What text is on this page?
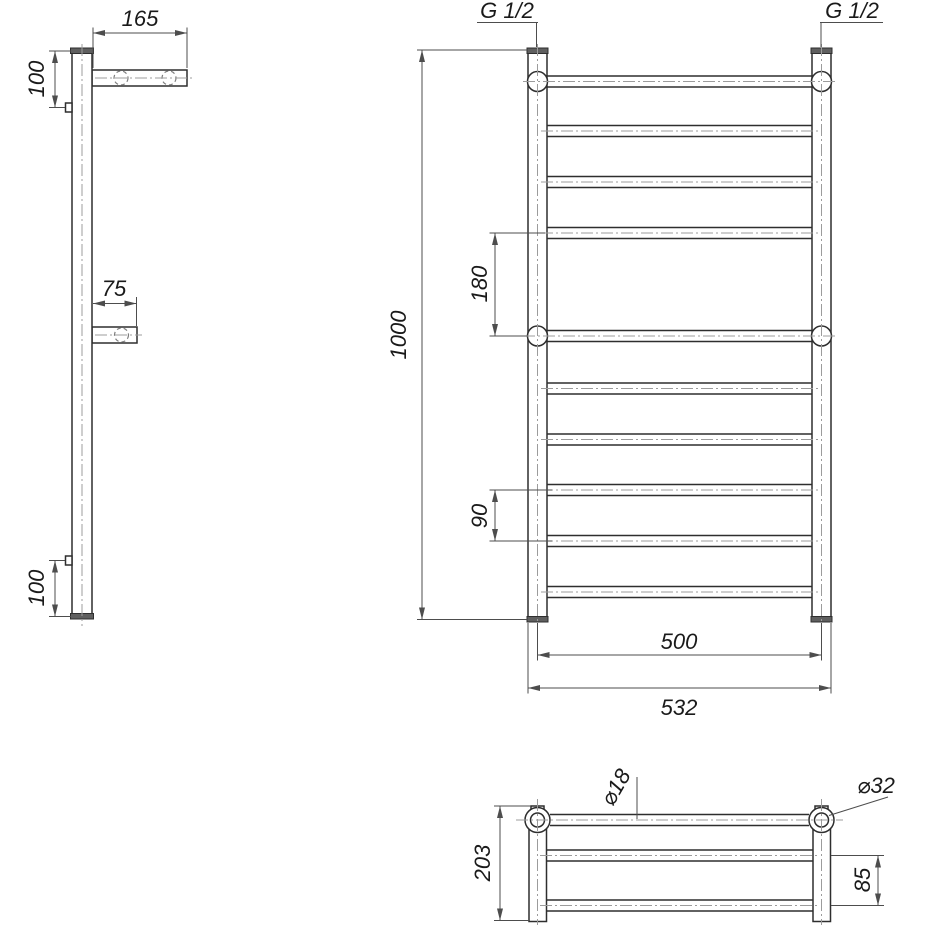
165
100
75
100
G 1/2	G 1/2
1000
180
90
500
532
⌀18	⌀32
203	85
